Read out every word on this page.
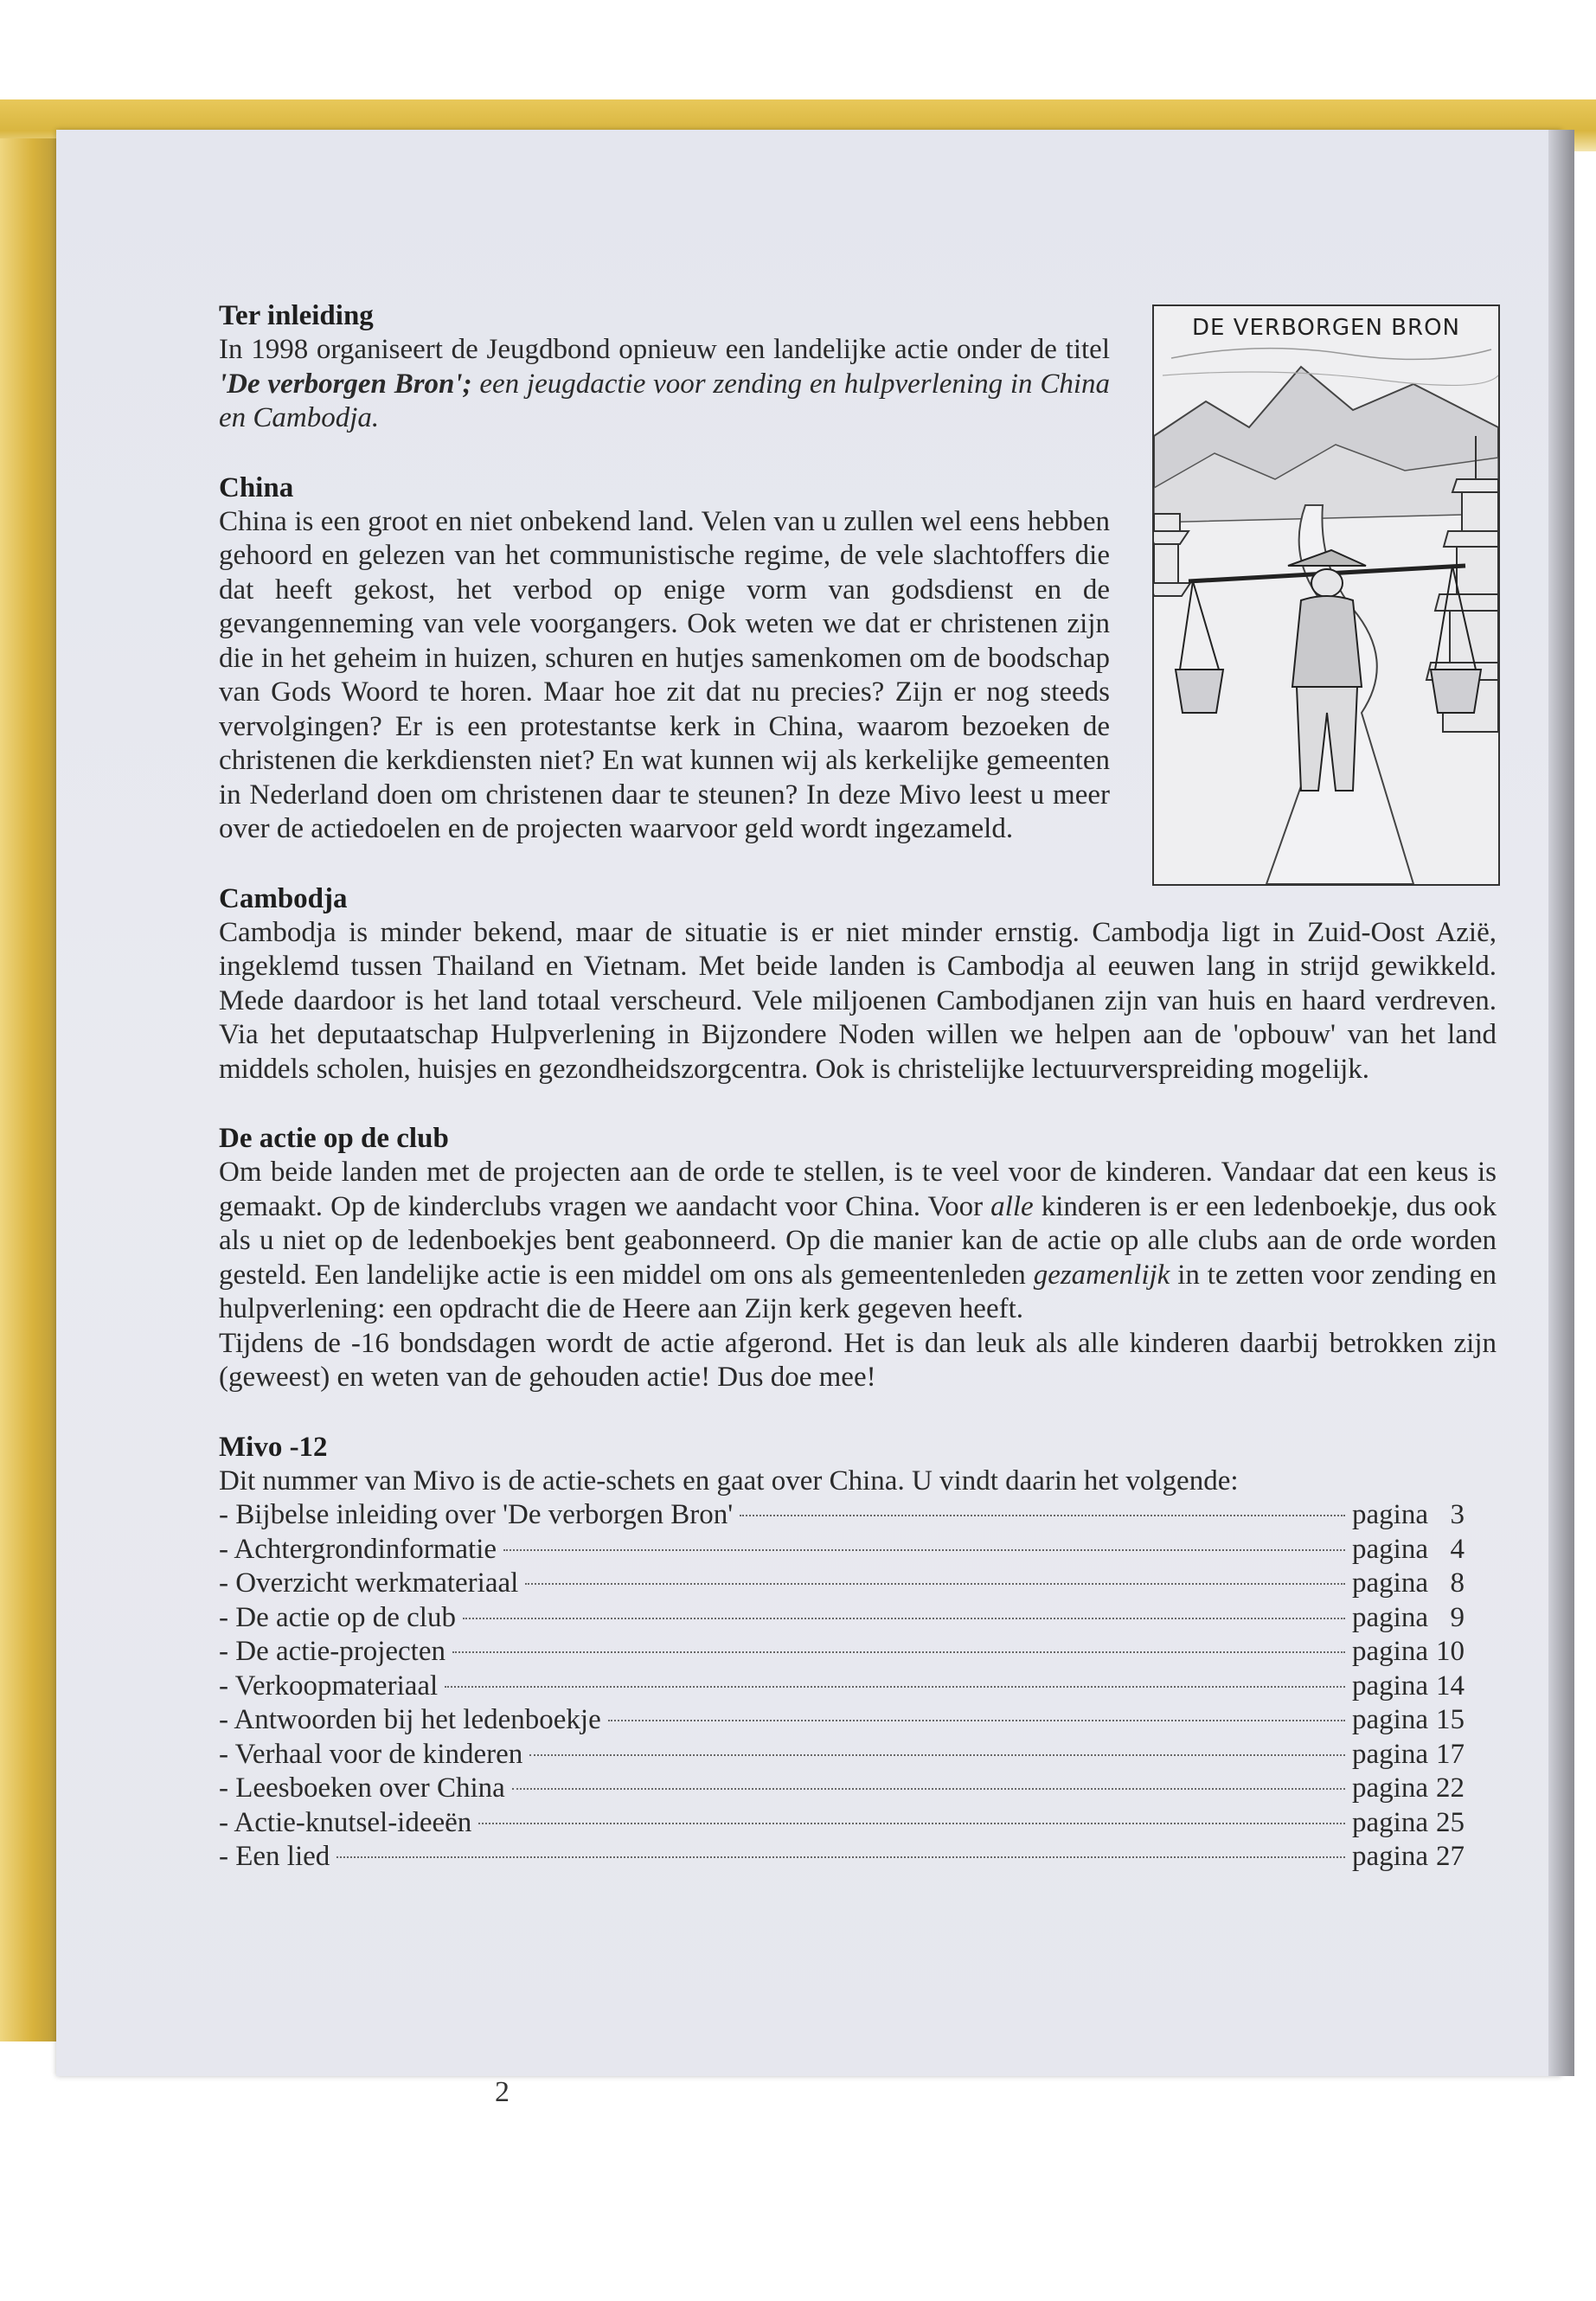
DE VERBORGEN BRON
Ter inleiding
In 1998 organiseert de Jeugdbond opnieuw een landelijke actie onder de titel 'De verborgen Bron'; een jeugdactie voor zending en hulpverlening in China en Cambodja.
China
China is een groot en niet onbekend land. Velen van u zullen wel eens hebben gehoord en gelezen van het communistische regime, de vele slachtoffers die dat heeft gekost, het verbod op enige vorm van godsdienst en de gevangenneming van vele voorgangers. Ook weten we dat er christenen zijn die in het geheim in huizen, schuren en hutjes samenkomen om de boodschap van Gods Woord te horen. Maar hoe zit dat nu precies? Zijn er nog steeds vervolgingen? Er is een protestantse kerk in China, waarom bezoeken de christenen die kerkdiensten niet? En wat kunnen wij als kerkelijke gemeenten in Nederland doen om christenen daar te steunen? In deze Mivo leest u meer over de actiedoelen en de projecten waarvoor geld wordt ingezameld.
Cambodja
Cambodja is minder bekend, maar de situatie is er niet minder ernstig. Cambodja ligt in Zuid-Oost Azië, ingeklemd tussen Thailand en Vietnam. Met beide landen is Cambodja al eeuwen lang in strijd gewikkeld. Mede daardoor is het land totaal verscheurd. Vele miljoenen Cambodjanen zijn van huis en haard verdreven. Via het deputaatschap Hulpverlening in Bijzondere Noden willen we helpen aan de 'opbouw' van het land middels scholen, huisjes en gezondheidszorgcentra. Ook is christelijke lectuurverspreiding mogelijk.
De actie op de club
Om beide landen met de projecten aan de orde te stellen, is te veel voor de kinderen. Vandaar dat een keus is gemaakt. Op de kinderclubs vragen we aandacht voor China. Voor alle kinderen is er een ledenboekje, dus ook als u niet op de ledenboekjes bent geabonneerd. Op die manier kan de actie op alle clubs aan de orde worden gesteld. Een landelijke actie is een middel om ons als gemeentenleden gezamenlijk in te zetten voor zending en hulpverlening: een opdracht die de Heere aan Zijn kerk gegeven heeft.
Tijdens de -16 bondsdagen wordt de actie afgerond. Het is dan leuk als alle kinderen daarbij betrokken zijn (geweest) en weten van de gehouden actie! Dus doe mee!
Mivo -12
Dit nummer van Mivo is de actie-schets en gaat over China. U vindt daarin het volgende:
- Bijbelse inleiding over 'De verborgen Bron'	pagina 3
- Achtergrondinformatie	pagina 4
- Overzicht werkmateriaal	pagina 8
- De actie op de club	pagina 9
- De actie-projecten	pagina 10
- Verkoopmateriaal	pagina 14
- Antwoorden bij het ledenboekje	pagina 15
- Verhaal voor de kinderen	pagina 17
- Leesboeken over China	pagina 22
- Actie-knutsel-ideeën	pagina 25
- Een lied	pagina 27
2
